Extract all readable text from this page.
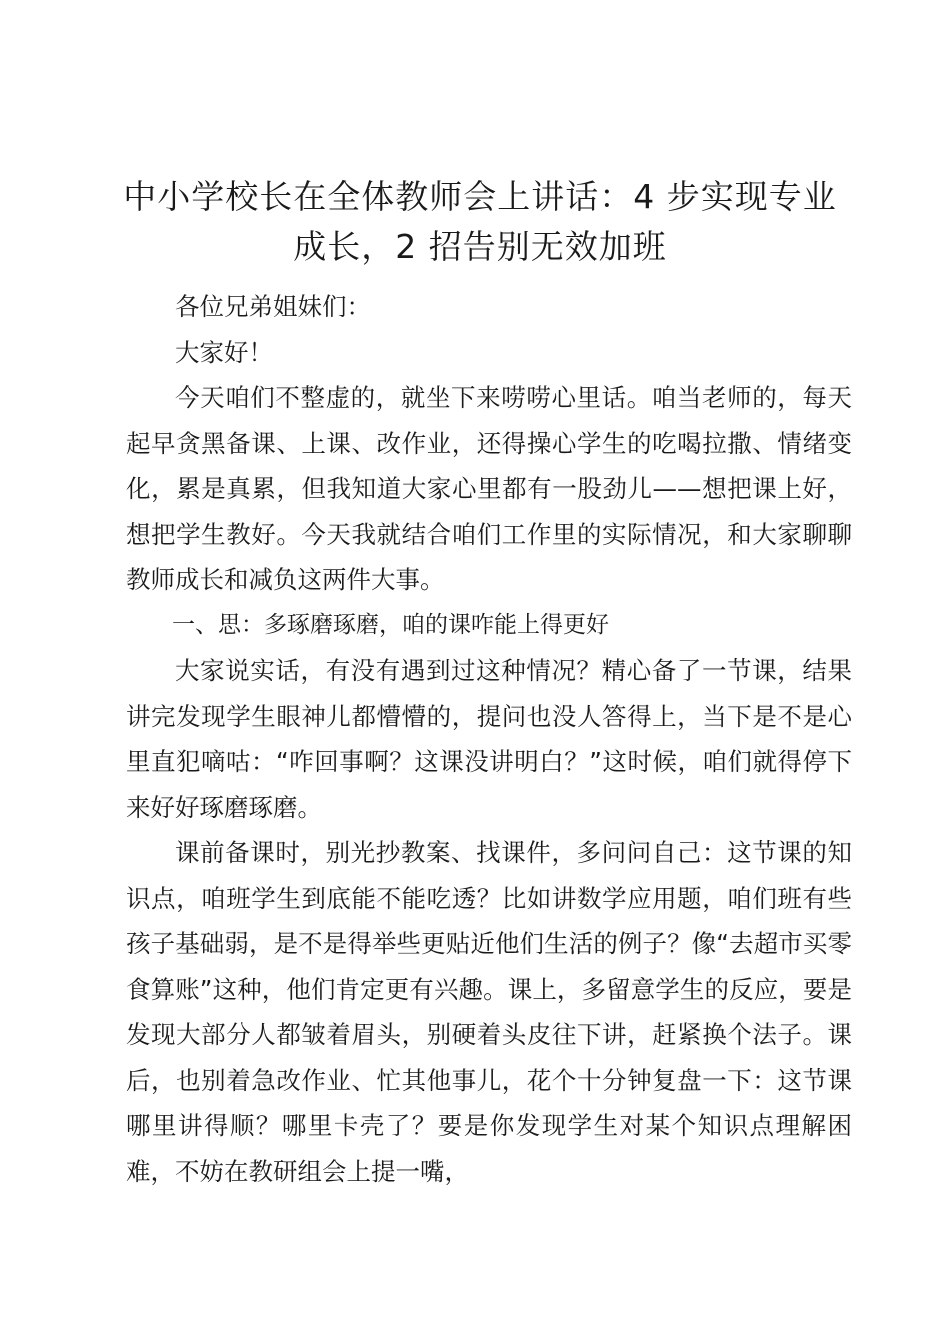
中小学校长在全体教师会上讲话：4 步实现专业成长，2 招告别无效加班

各位兄弟姐妹们：

大家好！

今天咱们不整虚的，就坐下来唠唠心里话。咱当老师的，每天起早贪黑备课、上课、改作业，还得操心学生的吃喝拉撒、情绪变化，累是真累，但我知道大家心里都有一股劲儿——想把课上好，想把学生教好。今天我就结合咱们工作里的实际情况，和大家聊聊教师成长和减负这两件大事。

一、思：多琢磨琢磨，咱的课咋能上得更好

大家说实话，有没有遇到过这种情况？精心备了一节课，结果讲完发现学生眼神儿都懵懵的，提问也没人答得上，当下是不是心里直犯嘀咕：“咋回事啊？这课没讲明白？”这时候，咱们就得停下来好好琢磨琢磨。

课前备课时，别光抄教案、找课件，多问问自己：这节课的知识点，咱班学生到底能不能吃透？比如讲数学应用题，咱们班有些孩子基础弱，是不是得举些更贴近他们生活的例子？像“去超市买零食算账”这种，他们肯定更有兴趣。课上，多留意学生的反应，要是发现大部分人都皱着眉头，别硬着头皮往下讲，赶紧换个法子。课后，也别着急改作业、忙其他事儿，花个十分钟复盘一下：这节课哪里讲得顺？哪里卡壳了？要是你发现学生对某个知识点理解困难，不妨在教研组会上提一嘴，
